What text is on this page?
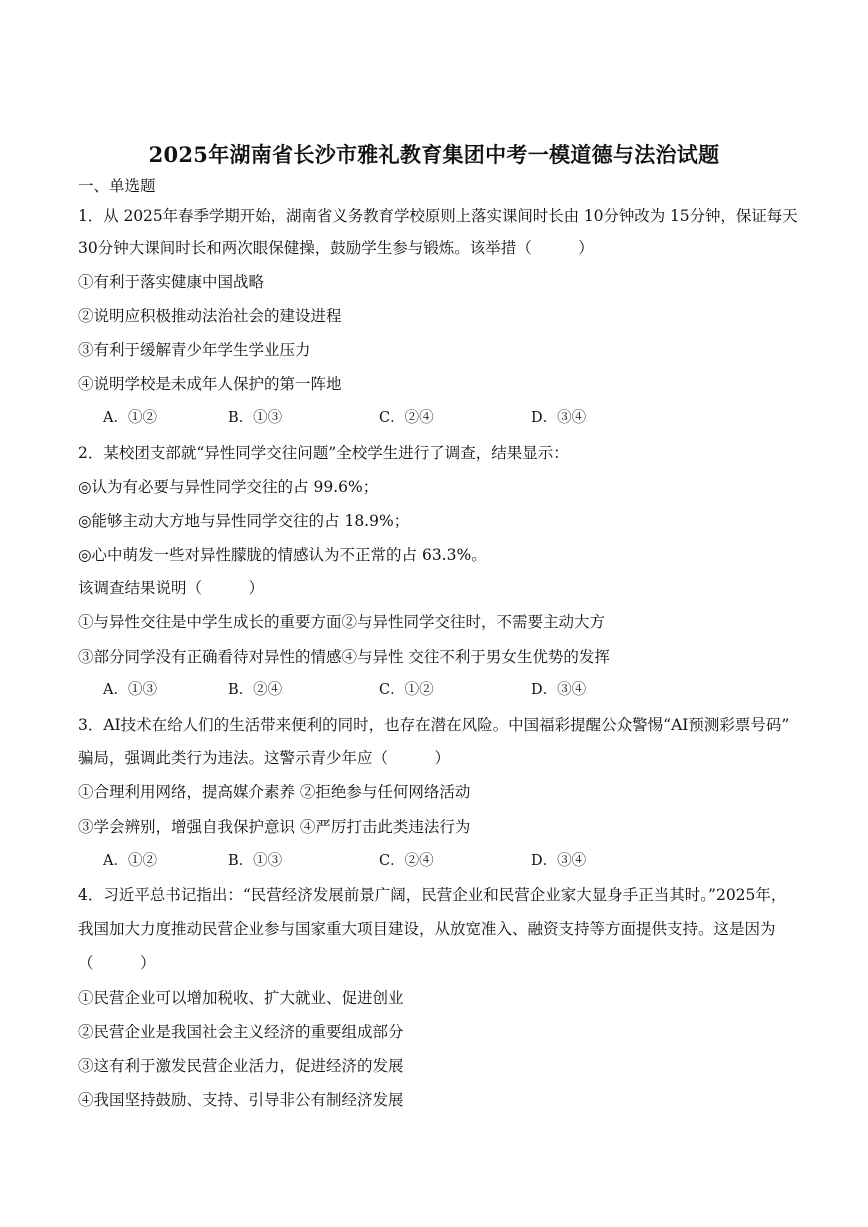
2025年湖南省长沙市雅礼教育集团中考一模道德与法治试题
一、单选题
1．从 2025年春季学期开始，湖南省义务教育学校原则上落实课间时长由 10分钟改为 15分钟，保证每天
30分钟大课间时长和两次眼保健操，鼓励学生参与锻炼。该举措（　　　）
①有利于落实健康中国战略
②说明应积极推动法治社会的建设进程
③有利于缓解青少年学生学业压力
④说明学校是未成年人保护的第一阵地
A．①②	B．①③	C．②④	D．③④
2．某校团支部就“异性同学交往问题”全校学生进行了调查，结果显示：
◎认为有必要与异性同学交往的占 99.6%；
◎能够主动大方地与异性同学交往的占 18.9%；
◎心中萌发一些对异性朦胧的情感认为不正常的占 63.3%。
该调查结果说明（　　　）
①与异性交往是中学生成长的重要方面②与异性同学交往时，不需要主动大方
③部分同学没有正确看待对异性的情感④与异性 交往不利于男女生优势的发挥
A．①③	B．②④	C．①②	D．③④
3．AI技术在给人们的生活带来便利的同时，也存在潜在风险。中国福彩提醒公众警惕“AI预测彩票号码”
骗局，强调此类行为违法。这警示青少年应（　　　）
①合理利用网络，提高媒介素养 ②拒绝参与任何网络活动
③学会辨别，增强自我保护意识 ④严厉打击此类违法行为
A．①②	B．①③	C．②④	D．③④
4．习近平总书记指出：“民营经济发展前景广阔，民营企业和民营企业家大显身手正当其时。”2025年，
我国加大力度推动民营企业参与国家重大项目建设，从放宽准入、融资支持等方面提供支持。这是因为
（　　　）
①民营企业可以增加税收、扩大就业、促进创业
②民营企业是我国社会主义经济的重要组成部分
③这有利于激发民营企业活力，促进经济的发展
④我国坚持鼓励、支持、引导非公有制经济发展
